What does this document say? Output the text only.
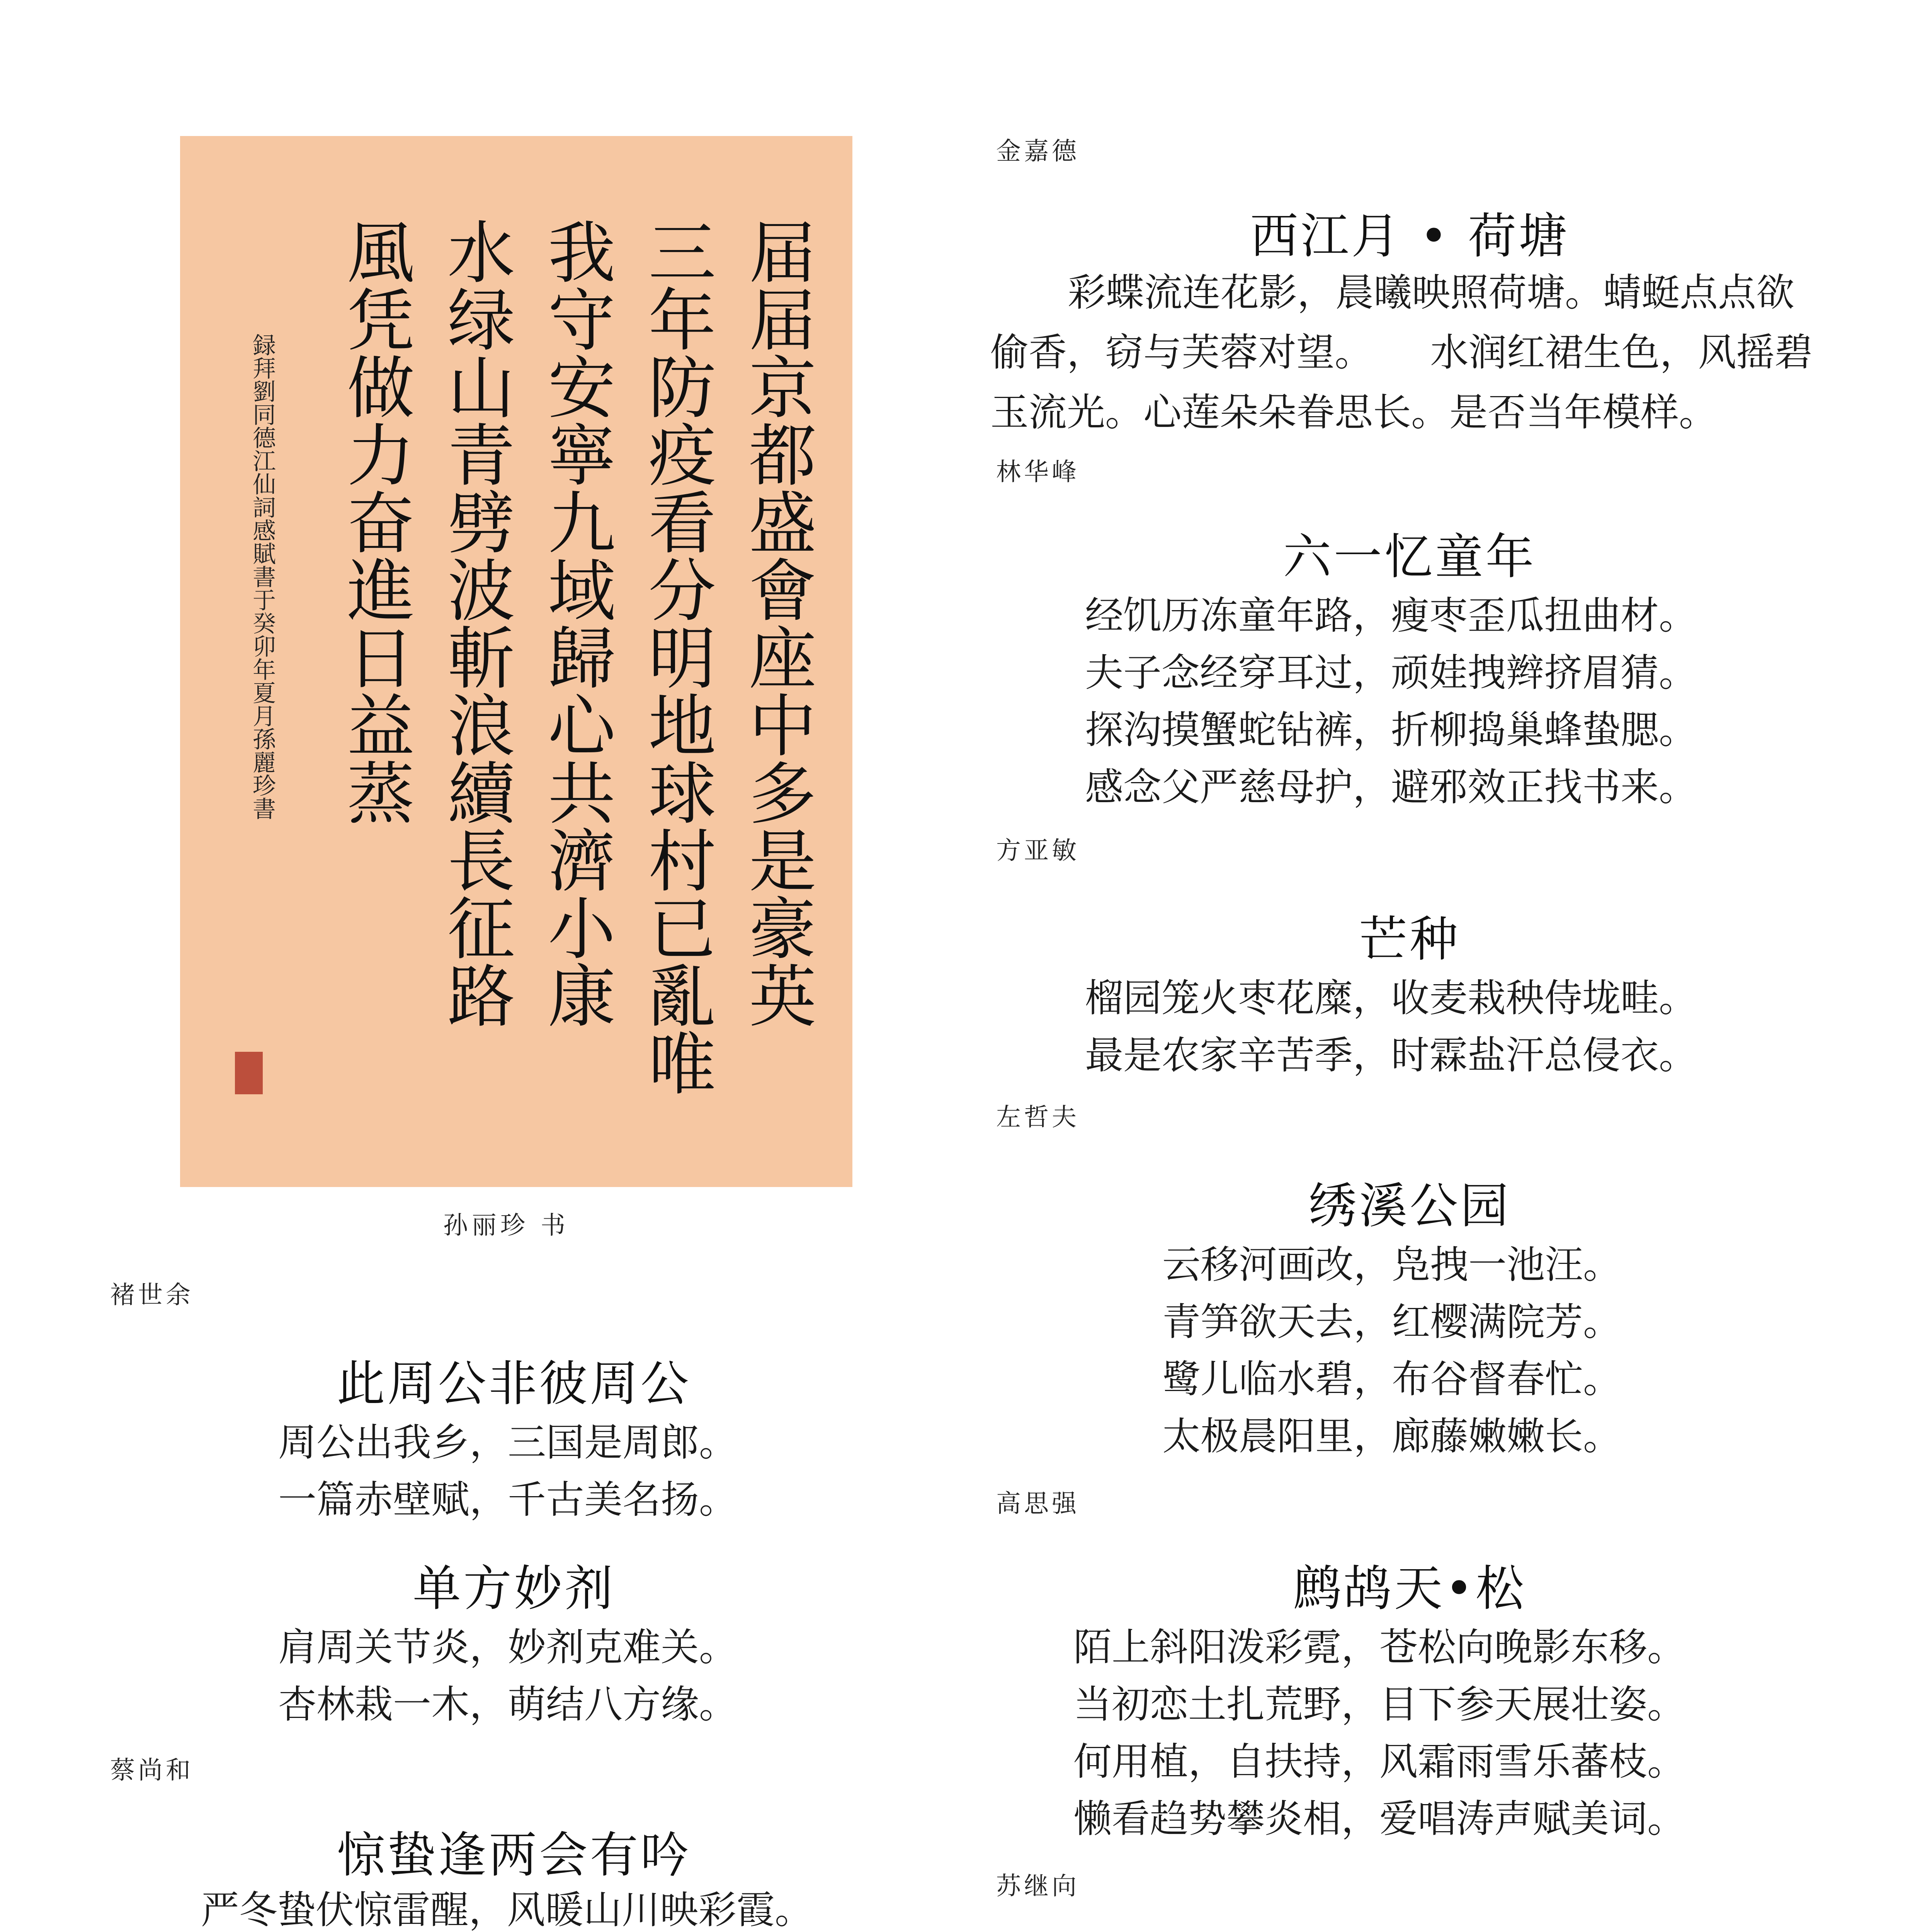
届届京都盛會座中多是豪英
三年防疫看分明地球村已亂唯
我守安寧九域歸心共濟小康
水绿山青劈波斬浪續長征路
風凭做力奋進日益蒸
録拜劉同德江仙詞感賦書于癸卯年夏月孫麗珍書
孙丽珍 书
褚世余
此周公非彼周公
周公出我乡，三国是周郎。
一篇赤壁赋，千古美名扬。
单方妙剂
肩周关节炎，妙剂克难关。
杏林栽一木，萌结八方缘。
蔡尚和
惊蛰逢两会有吟
严冬蛰伏惊雷醒，风暖山川映彩霞。
金嘉德
西江月 • 荷塘
彩蝶流连花影，晨曦映照荷塘。蜻蜓点点欲偷香，窃与芙蓉对望。　　水润红裙生色，风摇碧玉流光。心莲朵朵眷思长。是否当年模样。
林华峰
六一忆童年
经饥历冻童年路，瘦枣歪瓜扭曲材。
夫子念经穿耳过，顽娃拽辫挤眉猜。
探沟摸蟹蛇钻裤，折柳捣巢蜂蛰腮。
感念父严慈母护，避邪效正找书来。
方亚敏
芒种
榴园笼火枣花糜，收麦栽秧侍垅畦。
最是农家辛苦季，时霖盐汗总侵衣。
左哲夫
绣溪公园
云移河画改，凫拽一池汪。
青笋欲天去，红樱满院芳。
鹭儿临水碧，布谷督春忙。
太极晨阳里，廊藤嫩嫩长。
高思强
鹧鸪天•松
陌上斜阳泼彩霓，苍松向晚影东移。
当初恋土扎荒野，目下参天展壮姿。
何用植，自扶持，风霜雨雪乐蕃枝。
懒看趋势攀炎相，爱唱涛声赋美词。
苏继向
